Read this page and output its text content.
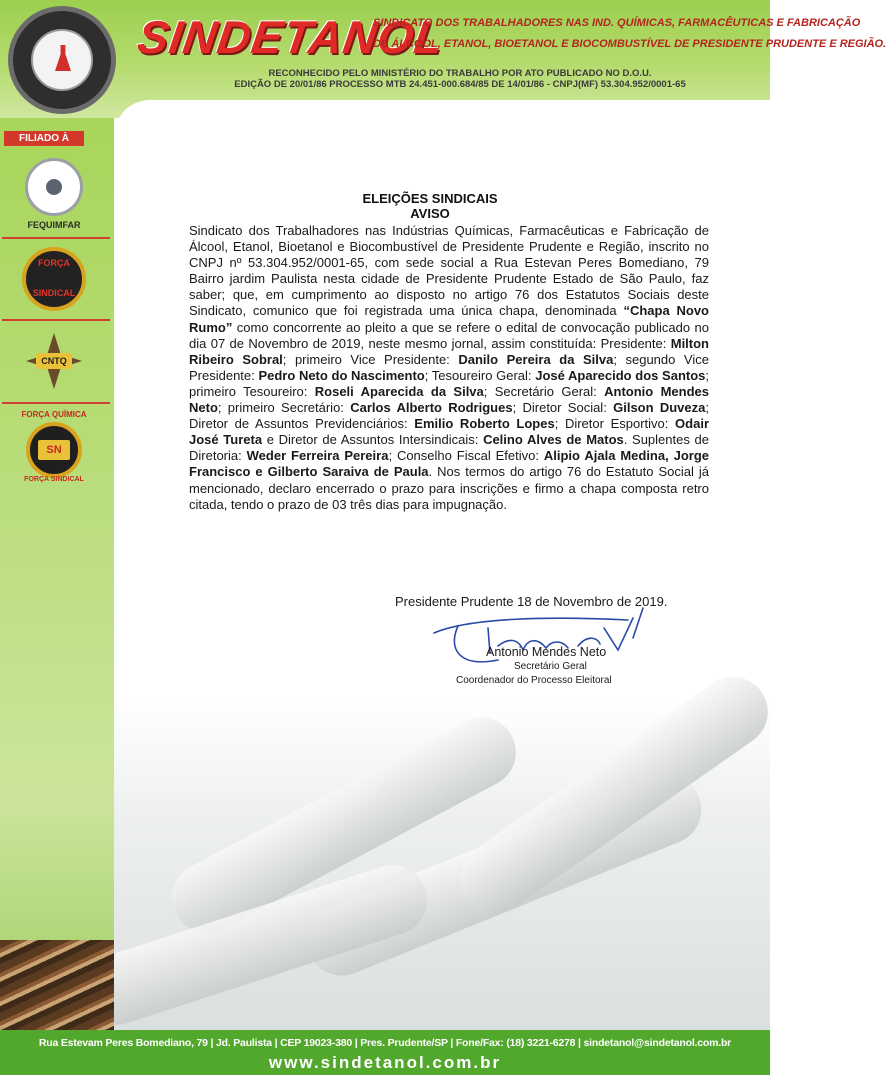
SINDETANOL
SINDICATO DOS TRABALHADORES NAS IND. QUÍMICAS, FARMACÊUTICAS E FABRICAÇÃO
DE ÁLCOOL, ETANOL, BIOETANOL E BIOCOMBUSTÍVEL DE PRESIDENTE PRUDENTE E REGIÃO.
RECONHECIDO PELO MINISTÉRIO DO TRABALHO POR ATO PUBLICADO NO D.O.U.
EDIÇÃO DE 20/01/86 PROCESSO MTB 24.451-000.684/85 DE 14/01/86 - CNPJ(MF) 53.304.952/0001-65
FILIADO À
FEQUIMFAR
FORÇA
SINDICAL
CNTQ
FORÇA QUÍMICA
SN
FORÇA SINDICAL
ELEIÇÕES SINDICAIS
AVISO
Sindicato dos Trabalhadores nas Indústrias Químicas, Farmacêuticas e Fabricação de Álcool, Etanol, Bioetanol e Biocombustível de Presidente Prudente e Região, inscrito no CNPJ nº 53.304.952/0001-65, com sede social a Rua Estevan Peres Bomediano, 79 Bairro jardim Paulista nesta cidade de Presidente Prudente Estado de São Paulo, faz saber; que, em cumprimento ao disposto no artigo 76 dos Estatutos Sociais deste Sindicato, comunico que foi registrada uma única chapa, denominada “Chapa Novo Rumo” como concorrente ao pleito a que se refere o edital de convocação publicado no dia 07 de Novembro de 2019, neste mesmo jornal, assim constituída: Presidente: Milton Ribeiro Sobral; primeiro Vice Presidente: Danilo Pereira da Silva; segundo Vice Presidente: Pedro Neto do Nascimento; Tesoureiro Geral: José Aparecido dos Santos; primeiro Tesoureiro: Roseli Aparecida da Silva; Secretário Geral: Antonio Mendes Neto; primeiro Secretário: Carlos Alberto Rodrigues; Diretor Social: Gilson Duveza; Diretor de Assuntos Previdenciários: Emilio Roberto Lopes; Diretor Esportivo: Odair José Tureta e Diretor de Assuntos Intersindicais: Celino Alves de Matos. Suplentes de Diretoria: Weder Ferreira Pereira; Conselho Fiscal Efetivo: Alipio Ajala Medina, Jorge Francisco e Gilberto Saraiva de Paula. Nos termos do artigo 76 do Estatuto Social já mencionado, declaro encerrado o prazo para inscrições e firmo a chapa composta retro citada, tendo o prazo de 03 três dias para impugnação.
Presidente Prudente 18 de Novembro de 2019.
Antonio Mendes Neto
Secretário Geral
Coordenador do Processo Eleitoral
Rua Estevam Peres Bomediano, 79 | Jd. Paulista | CEP 19023-380 | Pres. Prudente/SP | Fone/Fax: (18) 3221-6278 | sindetanol@sindetanol.com.br
www.sindetanol.com.br
